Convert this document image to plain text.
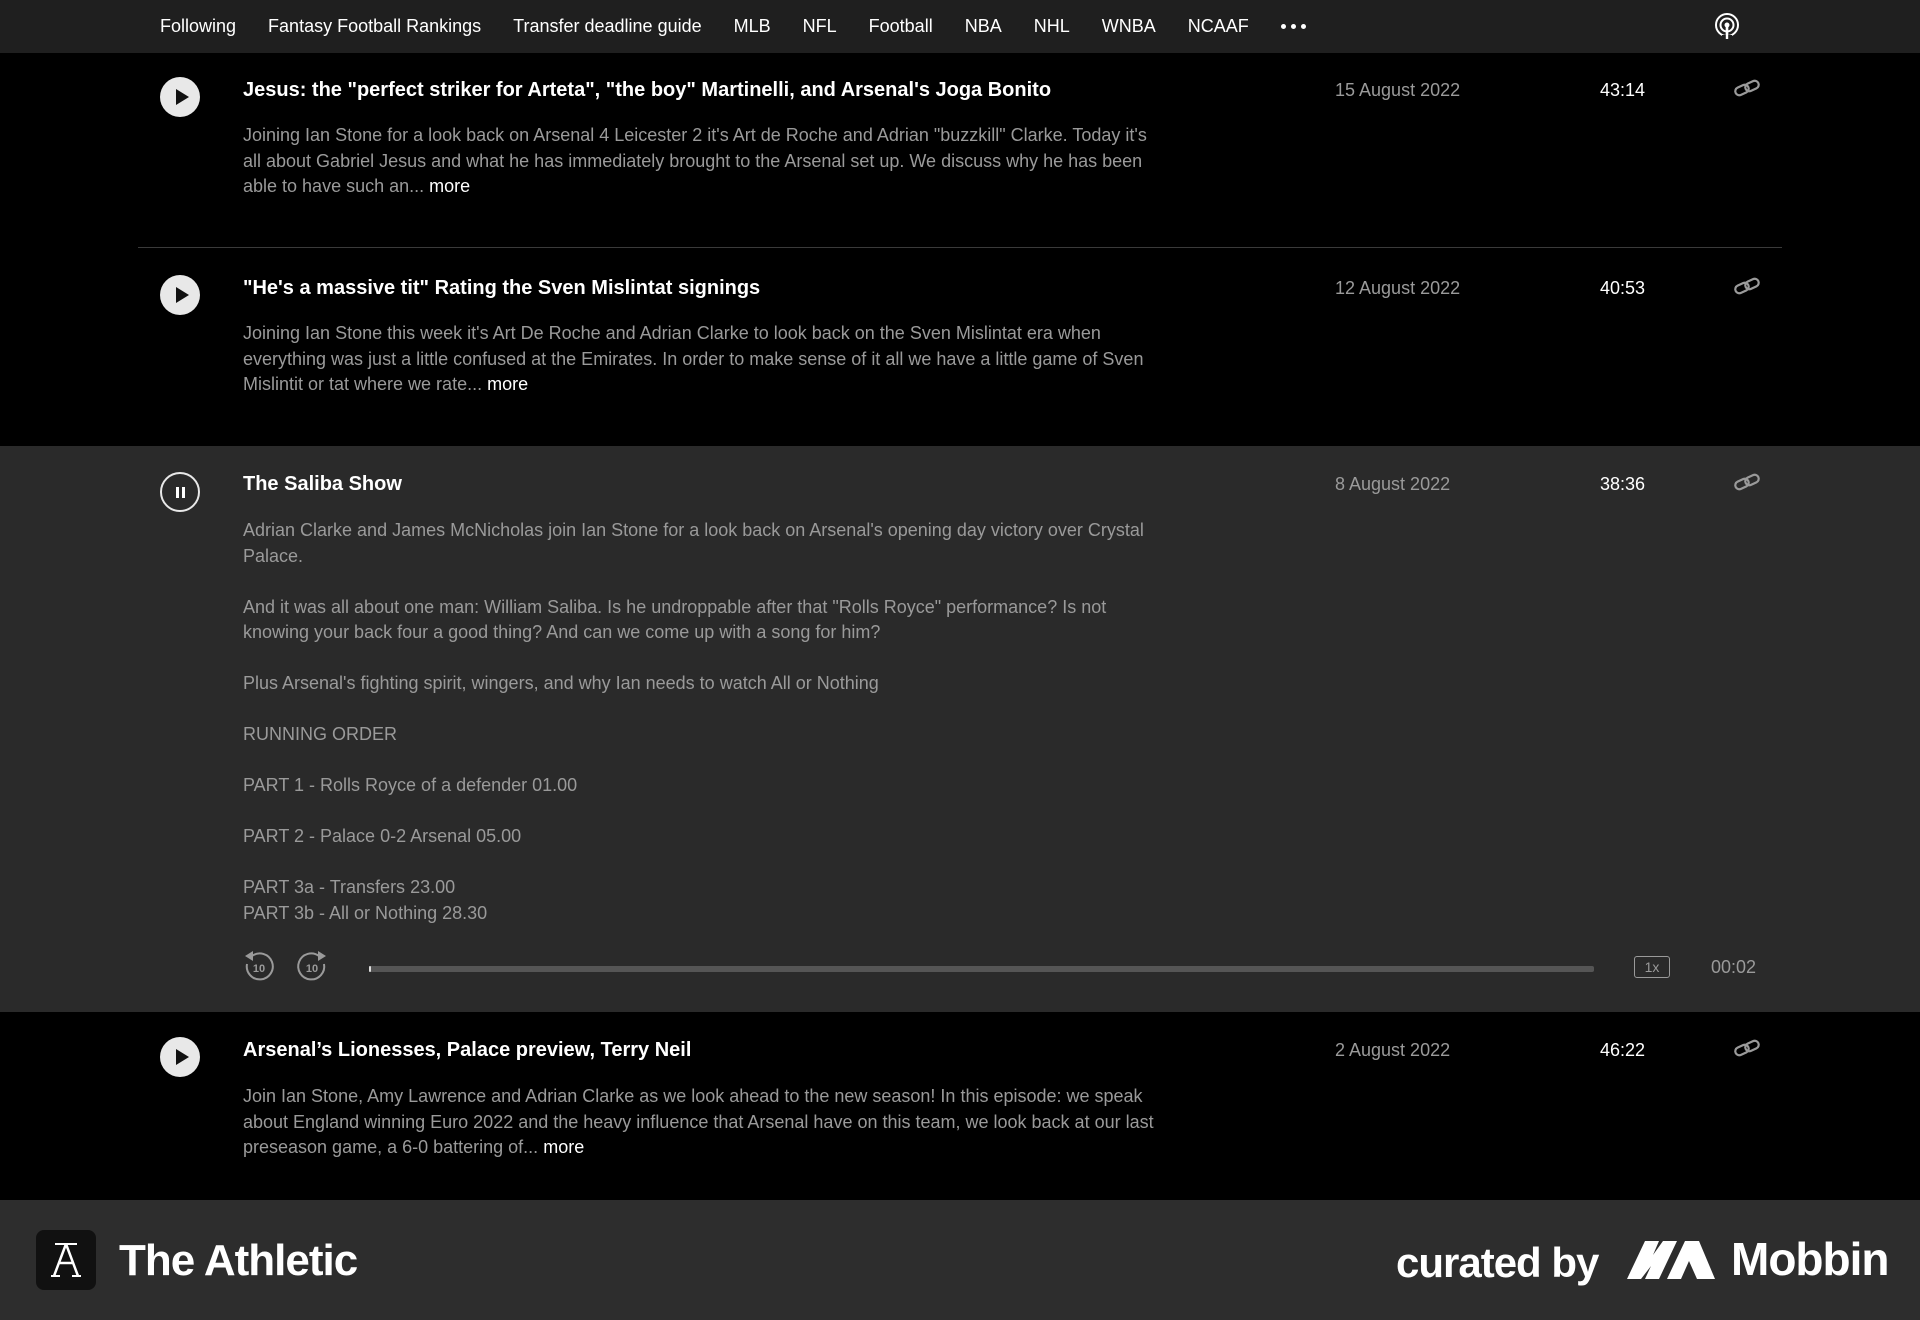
Following Fantasy Football Rankings Transfer deadline guide MLB NFL Football NBA NHL WNBA NCAAF
Jesus: the "perfect striker for Arteta", "the boy" Martinelli, and Arsenal's Joga Bonito	15 August 2022	43:14
Joining Ian Stone for a look back on Arsenal 4 Leicester 2 it's Art de Roche and Adrian "buzzkill" Clarke. Today it's
all about Gabriel Jesus and what he has immediately brought to the Arsenal set up. We discuss why he has been
able to have such an... more
"He's a massive tit" Rating the Sven Mislintat signings	12 August 2022	40:53
Joining Ian Stone this week it's Art De Roche and Adrian Clarke to look back on the Sven Mislintat era when
everything was just a little confused at the Emirates. In order to make sense of it all we have a little game of Sven
Mislintit or tat where we rate... more
The Saliba Show	8 August 2022	38:36
Adrian Clarke and James McNicholas join Ian Stone for a look back on Arsenal's opening day victory over Crystal
Palace.
And it was all about one man: William Saliba. Is he undroppable after that "Rolls Royce" performance? Is not
knowing your back four a good thing? And can we come up with a song for him?
Plus Arsenal's fighting spirit, wingers, and why Ian needs to watch All or Nothing
RUNNING ORDER
PART 1 - Rolls Royce of a defender 01.00
PART 2 - Palace 0-2 Arsenal 05.00
PART 3a - Transfers 23.00
PART 3b - All or Nothing 28.30
10	10	1x	00:02
Arsenal’s Lionesses, Palace preview, Terry Neil	2 August 2022	46:22
Join Ian Stone, Amy Lawrence and Adrian Clarke as we look ahead to the new season! In this episode: we speak
about England winning Euro 2022 and the heavy influence that Arsenal have on this team, we look back at our last
preseason game, a 6-0 battering of... more
The Athletic	curated by	Mobbin
